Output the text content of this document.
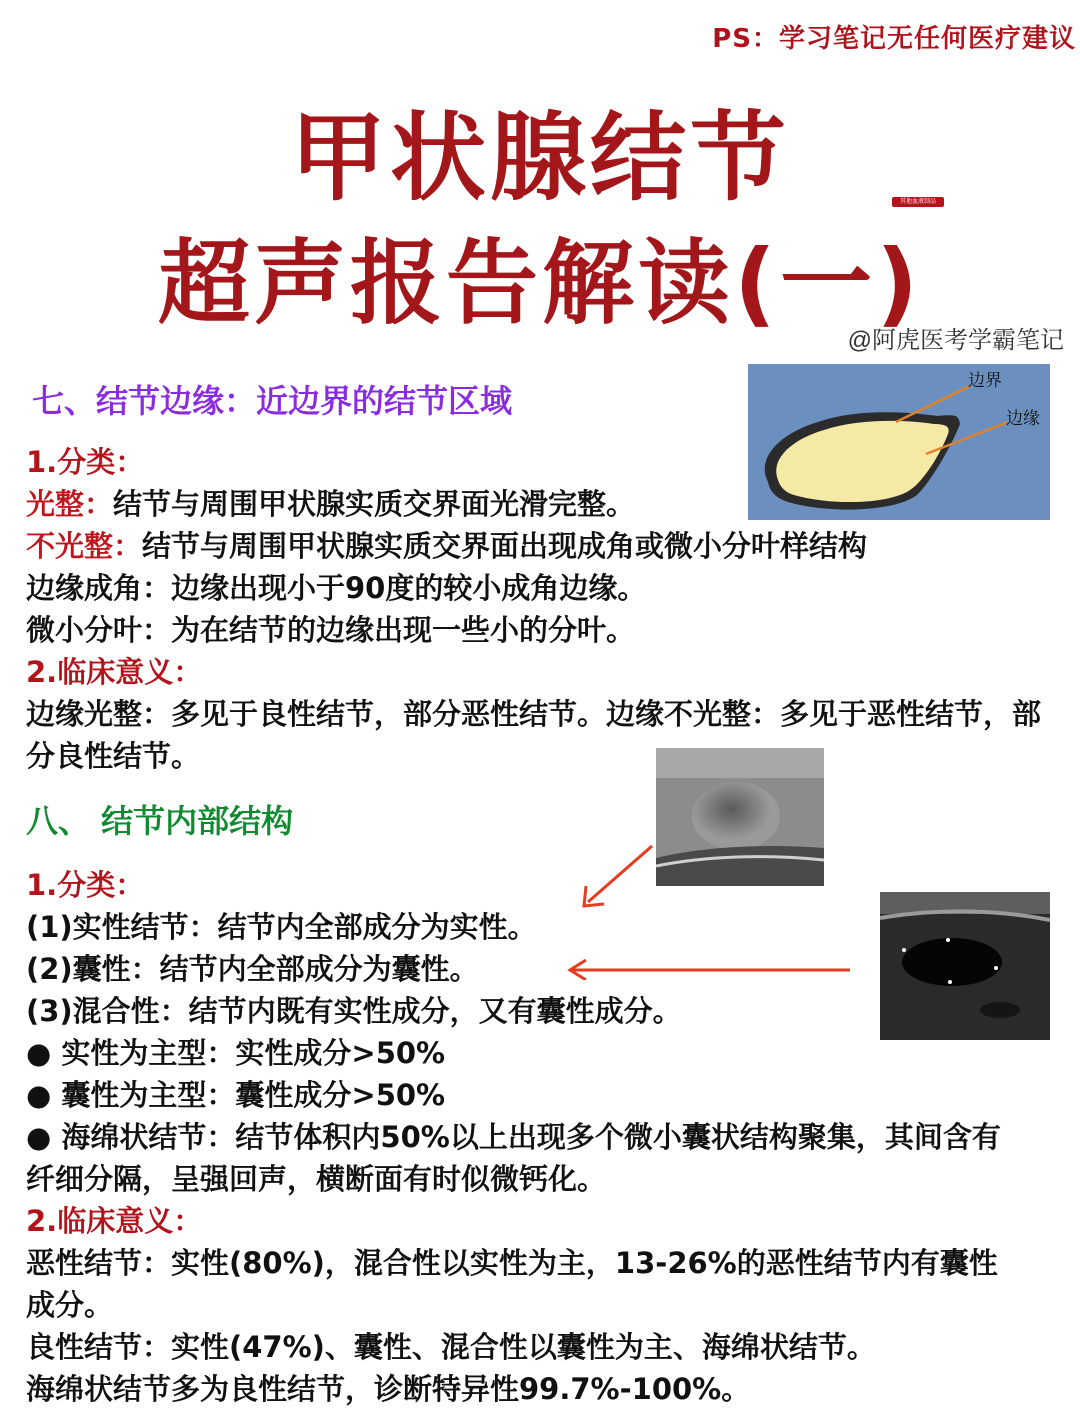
PS：学习笔记无任何医疗建议
甲状腺结节	其他血液制品
超声报告解读(一)
@阿虎医考学霸笔记
七、结节边缘：近边界的结节区域
边界
边缘
1.分类：
光整：结节与周围甲状腺实质交界面光滑完整。
不光整：结节与周围甲状腺实质交界面出现成角或微小分叶样结构
边缘成角：边缘出现小于90度的较小成角边缘。
微小分叶：为在结节的边缘出现一些小的分叶。
2.临床意义：
边缘光整：多见于良性结节，部分恶性结节。边缘不光整：多见于恶性结节，部分良性结节。
八、 结节内部结构
1.分类：
(1)实性结节：结节内全部成分为实性。
(2)囊性：结节内全部成分为囊性。
(3)混合性：结节内既有实性成分，又有囊性成分。
● 实性为主型：实性成分>50%
● 囊性为主型：囊性成分>50%
● 海绵状结节：结节体积内50%以上出现多个微小囊状结构聚集，其间含有纤细分隔，呈强回声，横断面有时似微钙化。
2.临床意义：
恶性结节：实性(80%)，混合性以实性为主，13-26%的恶性结节内有囊性成分。
良性结节：实性(47%)、囊性、混合性以囊性为主、海绵状结节。
海绵状结节多为良性结节，诊断特异性99.7%-100%。
